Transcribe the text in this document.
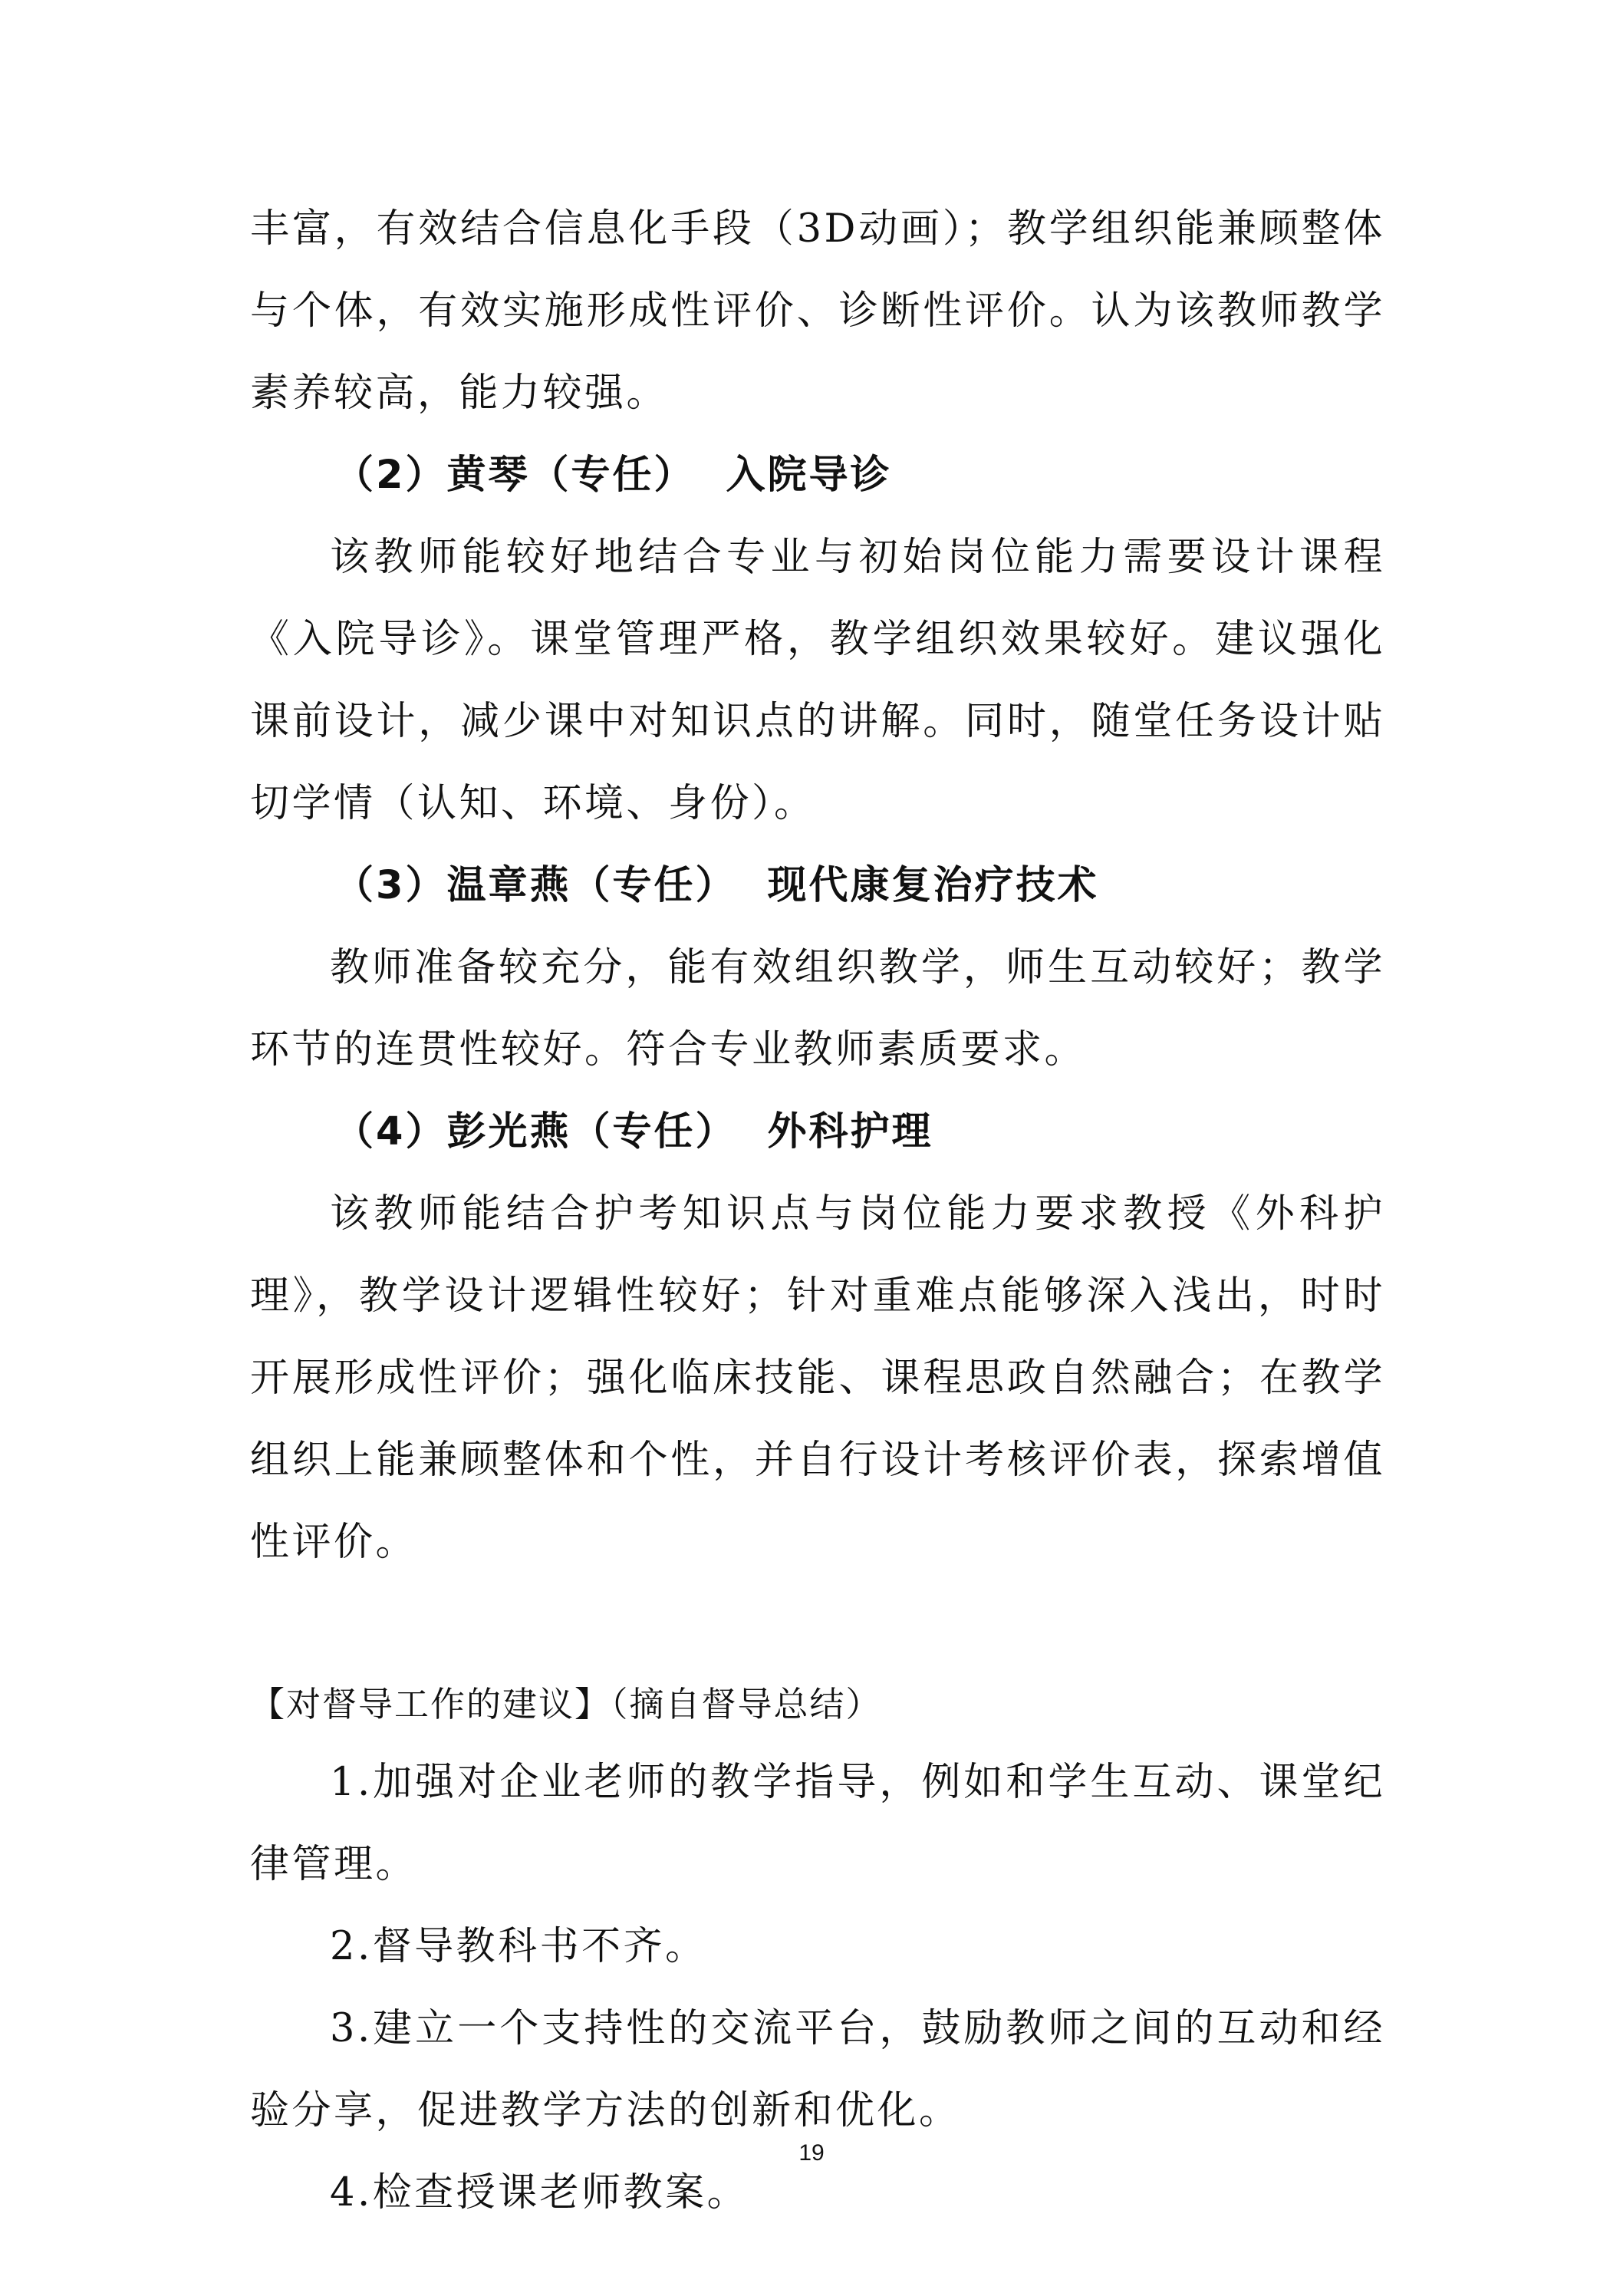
丰富，有效结合信息化手段（3D动画）；教学组织能兼顾整体与个体，有效实施形成性评价、诊断性评价。认为该教师教学素养较高，能力较强。

（2）黄琴（专任） 入院导诊

该教师能较好地结合专业与初始岗位能力需要设计课程《入院导诊》。课堂管理严格，教学组织效果较好。建议强化课前设计，减少课中对知识点的讲解。同时，随堂任务设计贴切学情（认知、环境、身份）。

（3）温章燕（专任） 现代康复治疗技术

教师准备较充分，能有效组织教学，师生互动较好；教学环节的连贯性较好。符合专业教师素质要求。

（4）彭光燕（专任） 外科护理

该教师能结合护考知识点与岗位能力要求教授《外科护理》，教学设计逻辑性较好；针对重难点能够深入浅出，时时开展形成性评价；强化临床技能、课程思政自然融合；在教学组织上能兼顾整体和个性，并自行设计考核评价表，探索增值性评价。

【对督导工作的建议】（摘自督导总结）

1.加强对企业老师的教学指导，例如和学生互动、课堂纪律管理。

2.督导教科书不齐。

3.建立一个支持性的交流平台，鼓励教师之间的互动和经验分享，促进教学方法的创新和优化。

4.检查授课老师教案。

19
